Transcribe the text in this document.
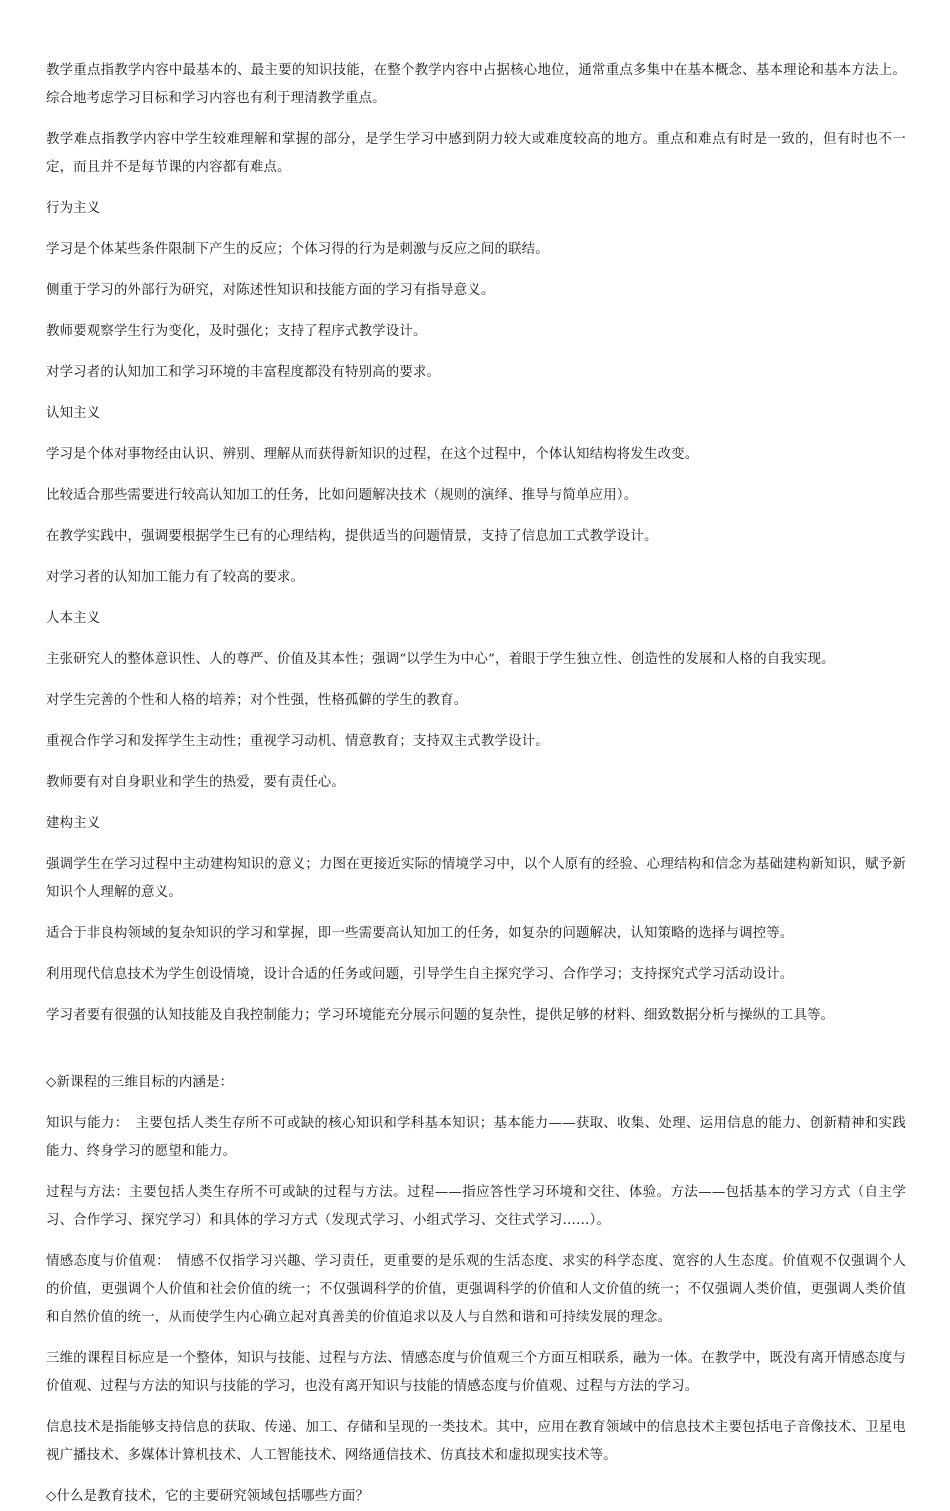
教学重点指教学内容中最基本的、最主要的知识技能，在整个教学内容中占据核心地位，通常重点多集中在基本概念、基本理论和基本方法上。综合地考虑学习目标和学习内容也有利于理清教学重点。

教学难点指教学内容中学生较难理解和掌握的部分，是学生学习中感到阴力较大或难度较高的地方。重点和难点有时是一致的，但有时也不一定，而且并不是每节课的内容都有难点。

行为主义

学习是个体某些条件限制下产生的反应；个体习得的行为是刺激与反应之间的联结。

侧重于学习的外部行为研究，对陈述性知识和技能方面的学习有指导意义。

教师要观察学生行为变化，及时强化；支持了程序式教学设计。

对学习者的认知加工和学习环境的丰富程度都没有特别高的要求。

认知主义

学习是个体对事物经由认识、辨别、理解从而获得新知识的过程，在这个过程中，个体认知结构将发生改变。

比较适合那些需要进行较高认知加工的任务，比如问题解决技术（规则的演绎、推导与简单应用）。

在教学实践中，强调要根据学生已有的心理结构，提供适当的问题情景，支持了信息加工式教学设计。

对学习者的认知加工能力有了较高的要求。

人本主义

主张研究人的整体意识性、人的尊严、价值及其本性；强调“以学生为中心”，着眼于学生独立性、创造性的发展和人格的自我实现。

对学生完善的个性和人格的培养；对个性强，性格孤僻的学生的教育。

重视合作学习和发挥学生主动性；重视学习动机、情意教育；支持双主式教学设计。

教师要有对自身职业和学生的热爱，要有责任心。

建构主义

强调学生在学习过程中主动建构知识的意义；力图在更接近实际的情境学习中，以个人原有的经验、心理结构和信念为基础建构新知识，赋予新知识个人理解的意义。

适合于非良构领域的复杂知识的学习和掌握，即一些需要高认知加工的任务，如复杂的问题解决，认知策略的选择与调控等。

利用现代信息技术为学生创设情境，设计合适的任务或问题，引导学生自主探究学习、合作学习；支持探究式学习活动设计。

学习者要有很强的认知技能及自我控制能力；学习环境能充分展示问题的复杂性，提供足够的材料、细致数据分析与操纵的工具等。

◇新课程的三维目标的内涵是：

知识与能力：　主要包括人类生存所不可或缺的核心知识和学科基本知识；基本能力——获取、收集、处理、运用信息的能力、创新精神和实践能力、终身学习的愿望和能力。

过程与方法：主要包括人类生存所不可或缺的过程与方法。过程——指应答性学习环境和交往、体验。方法——包括基本的学习方式（自主学习、合作学习、探究学习）和具体的学习方式（发现式学习、小组式学习、交往式学习……）。

情感态度与价值观：　情感不仅指学习兴趣、学习责任，更重要的是乐观的生活态度、求实的科学态度、宽容的人生态度。价值观不仅强调个人的价值，更强调个人价值和社会价值的统一；不仅强调科学的价值，更强调科学的价值和人文价值的统一；不仅强调人类价值，更强调人类价值和自然价值的统一，从而使学生内心确立起对真善美的价值追求以及人与自然和谐和可持续发展的理念。

三维的课程目标应是一个整体，知识与技能、过程与方法、情感态度与价值观三个方面互相联系，融为一体。在教学中，既没有离开情感态度与价值观、过程与方法的知识与技能的学习，也没有离开知识与技能的情感态度与价值观、过程与方法的学习。

信息技术是指能够支持信息的获取、传递、加工、存储和呈现的一类技术。其中，应用在教育领域中的信息技术主要包括电子音像技术、卫星电视广播技术、多媒体计算机技术、人工智能技术、网络通信技术、仿真技术和虚拟现实技术等。

◇什么是教育技术，它的主要研究领域包括哪些方面？
